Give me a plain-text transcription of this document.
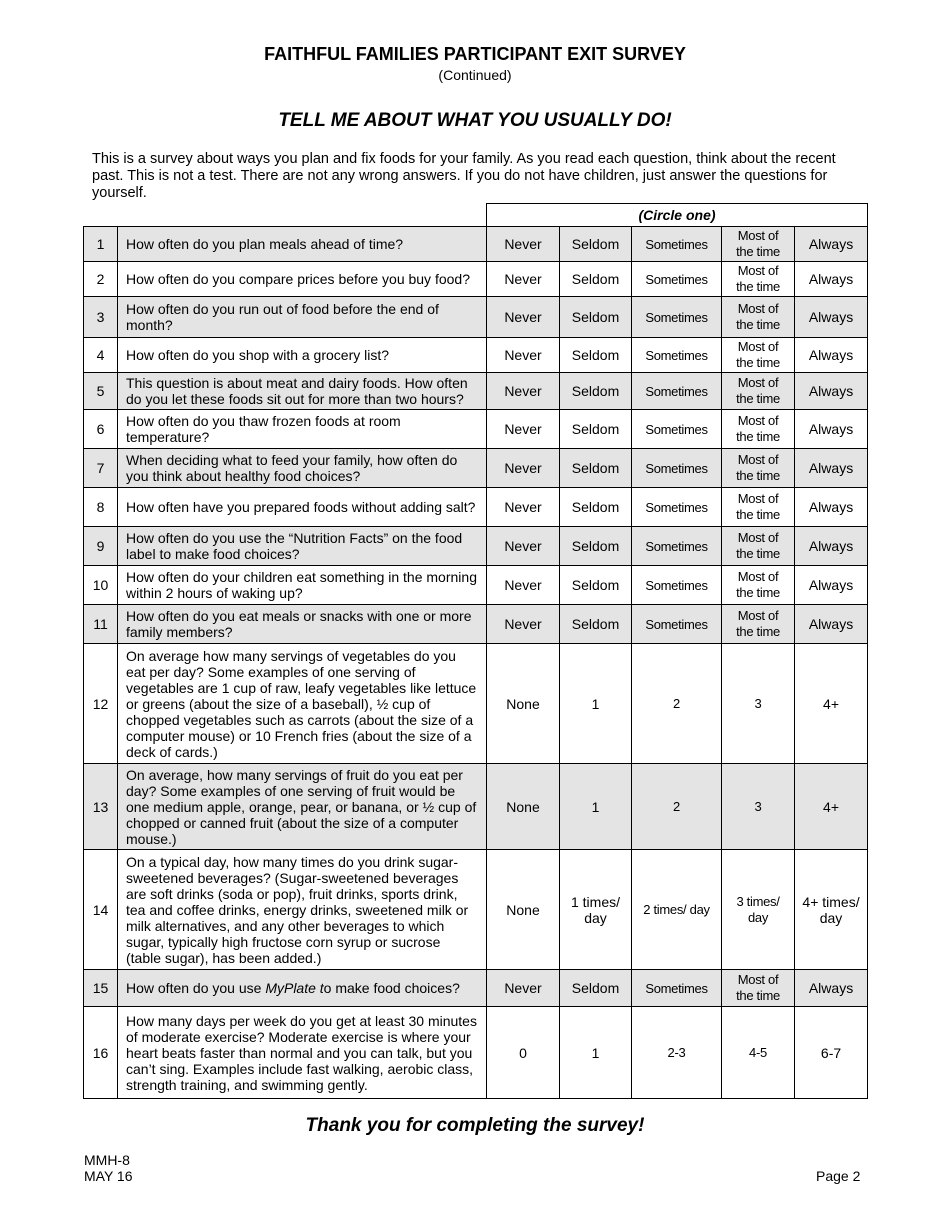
FAITHFUL FAMILIES PARTICIPANT EXIT SURVEY
(Continued)
TELL ME ABOUT WHAT YOU USUALLY DO!
This is a survey about ways you plan and fix foods for your family. As you read each question, think about the recent past. This is not a test. There are not any wrong answers. If you do not have children, just answer the questions for yourself.
		(Circle one)				
1	How often do you plan meals ahead of time?	Never	Seldom	Sometimes	Most of the time	Always
2	How often do you compare prices before you buy food?	Never	Seldom	Sometimes	Most of the time	Always
3	How often do you run out of food before the end of month?	Never	Seldom	Sometimes	Most of the time	Always
4	How often do you shop with a grocery list?	Never	Seldom	Sometimes	Most of the time	Always
5	This question is about meat and dairy foods. How often do you let these foods sit out for more than two hours?	Never	Seldom	Sometimes	Most of the time	Always
6	How often do you thaw frozen foods at room temperature?	Never	Seldom	Sometimes	Most of the time	Always
7	When deciding what to feed your family, how often do you think about healthy food choices?	Never	Seldom	Sometimes	Most of the time	Always
8	How often have you prepared foods without adding salt?	Never	Seldom	Sometimes	Most of the time	Always
9	How often do you use the “Nutrition Facts” on the food label to make food choices?	Never	Seldom	Sometimes	Most of the time	Always
10	How often do your children eat something in the morning within 2 hours of waking up?	Never	Seldom	Sometimes	Most of the time	Always
11	How often do you eat meals or snacks with one or more family members?	Never	Seldom	Sometimes	Most of the time	Always
12	On average how many servings of vegetables do you eat per day? Some examples of one serving of vegetables are 1 cup of raw, leafy vegetables like lettuce or greens (about the size of a baseball), ½ cup of chopped vegetables such as carrots (about the size of a computer mouse) or 10 French fries (about the size of a deck of cards.)	None	1	2	3	4+
13	On average, how many servings of fruit do you eat per day? Some examples of one serving of fruit would be one medium apple, orange, pear, or banana, or ½ cup of chopped or canned fruit (about the size of a computer mouse.)	None	1	2	3	4+
14	On a typical day, how many times do you drink sugar-sweetened beverages? (Sugar-sweetened beverages are soft drinks (soda or pop), fruit drinks, sports drink, tea and coffee drinks, energy drinks, sweetened milk or milk alternatives, and any other beverages to which sugar, typically high fructose corn syrup or sucrose (table sugar), has been added.)	None	1 times/ day	2 times/ day	3 times/ day	4+ times/ day
15	How often do you use MyPlate to make food choices?	Never	Seldom	Sometimes	Most of the time	Always
16	How many days per week do you get at least 30 minutes of moderate exercise? Moderate exercise is where your heart beats faster than normal and you can talk, but you can’t sing. Examples include fast walking, aerobic class, strength training, and swimming gently.	0	1	2-3	4-5	6-7
Thank you for completing the survey!
MMH-8
MAY 16	Page 2
